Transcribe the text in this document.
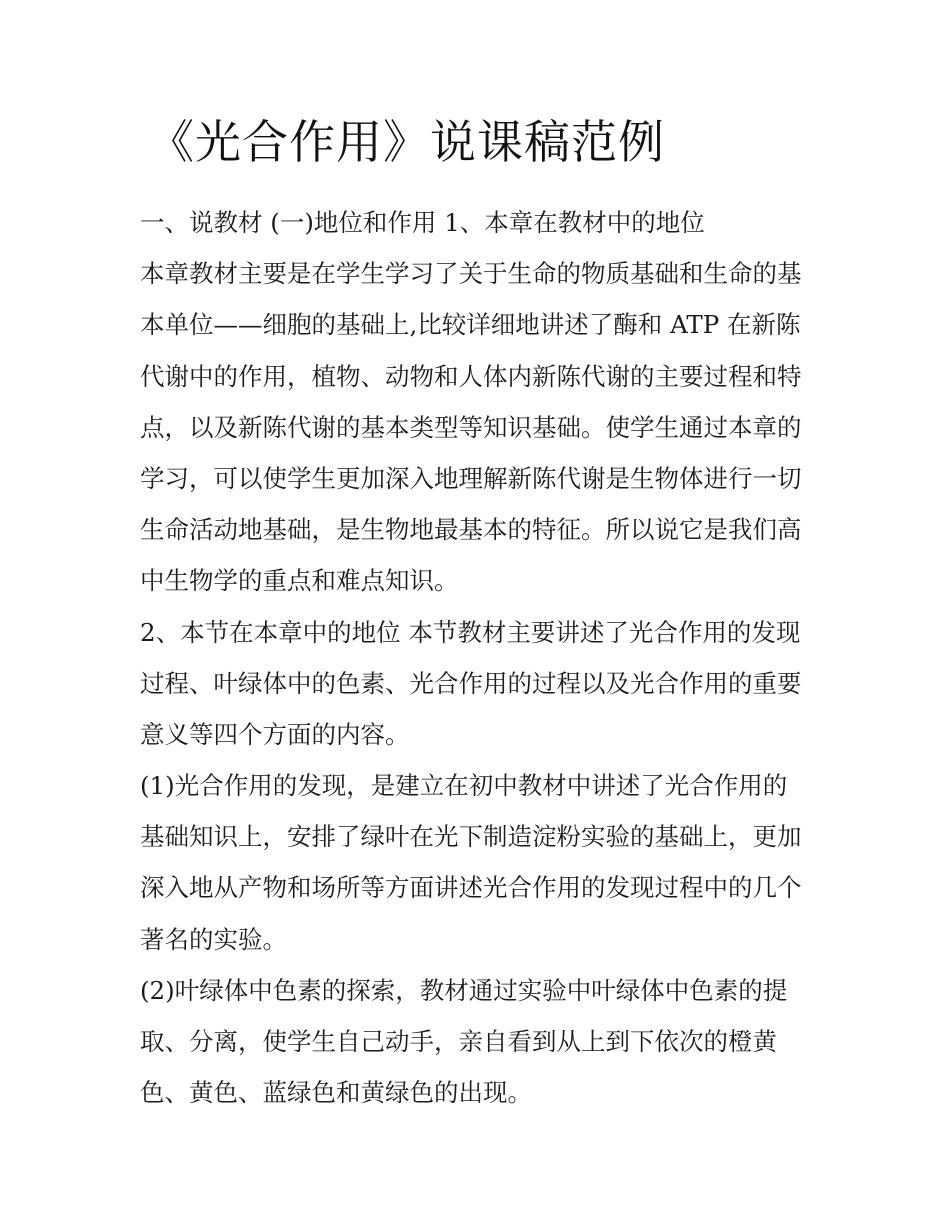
《光合作用》说课稿范例
一、说教材 (一)地位和作用 1、本章在教材中的地位
本章教材主要是在学生学习了关于生命的物质基础和生命的基
本单位——细胞的基础上,比较详细地讲述了酶和 ATP 在新陈
代谢中的作用，植物、动物和人体内新陈代谢的主要过程和特
点，以及新陈代谢的基本类型等知识基础。使学生通过本章的
学习，可以使学生更加深入地理解新陈代谢是生物体进行一切
生命活动地基础，是生物地最基本的特征。所以说它是我们高
中生物学的重点和难点知识。
2、本节在本章中的地位 本节教材主要讲述了光合作用的发现
过程、叶绿体中的色素、光合作用的过程以及光合作用的重要
意义等四个方面的内容。
(1)光合作用的发现，是建立在初中教材中讲述了光合作用的
基础知识上，安排了绿叶在光下制造淀粉实验的基础上，更加
深入地从产物和场所等方面讲述光合作用的发现过程中的几个
著名的实验。
(2)叶绿体中色素的探索，教材通过实验中叶绿体中色素的提
取、分离，使学生自己动手，亲自看到从上到下依次的橙黄
色、黄色、蓝绿色和黄绿色的出现。
